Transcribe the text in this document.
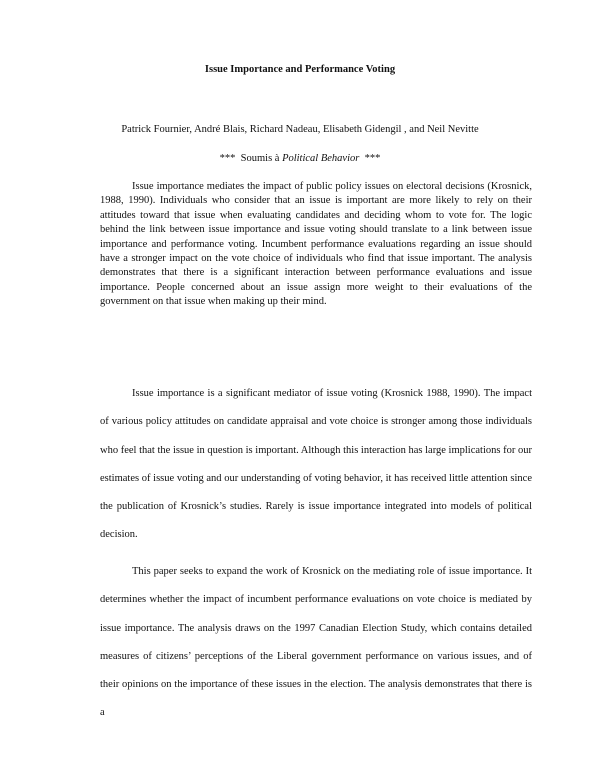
Issue Importance and Performance Voting
Patrick Fournier, André Blais, Richard Nadeau, Elisabeth Gidengil , and Neil Nevitte
***  Soumis à Political Behavior  ***

Issue importance mediates the impact of public policy issues on electoral decisions (Krosnick, 1988, 1990). Individuals who consider that an issue is important are more likely to rely on their attitudes toward that issue when evaluating candidates and deciding whom to vote for. The logic behind the link between issue importance and issue voting should translate to a link between issue importance and performance voting. Incumbent performance evaluations regarding an issue should have a stronger impact on the vote choice of individuals who find that issue important. The analysis demonstrates that there is a significant interaction between performance evaluations and issue importance. People concerned about an issue assign more weight to their evaluations of the government on that issue when making up their mind.

Issue importance is a significant mediator of issue voting (Krosnick 1988, 1990). The impact of various policy attitudes on candidate appraisal and vote choice is stronger among those individuals who feel that the issue in question is important. Although this interaction has large implications for our estimates of issue voting and our understanding of voting behavior, it has received little attention since the publication of Krosnick’s studies. Rarely is issue importance integrated into models of political decision.

This paper seeks to expand the work of Krosnick on the mediating role of issue importance. It determines whether the impact of incumbent performance evaluations on vote choice is mediated by issue importance. The analysis draws on the 1997 Canadian Election Study, which contains detailed measures of citizens’ perceptions of the Liberal government performance on various issues, and of their opinions on the importance of these issues in the election. The analysis demonstrates that there is a
